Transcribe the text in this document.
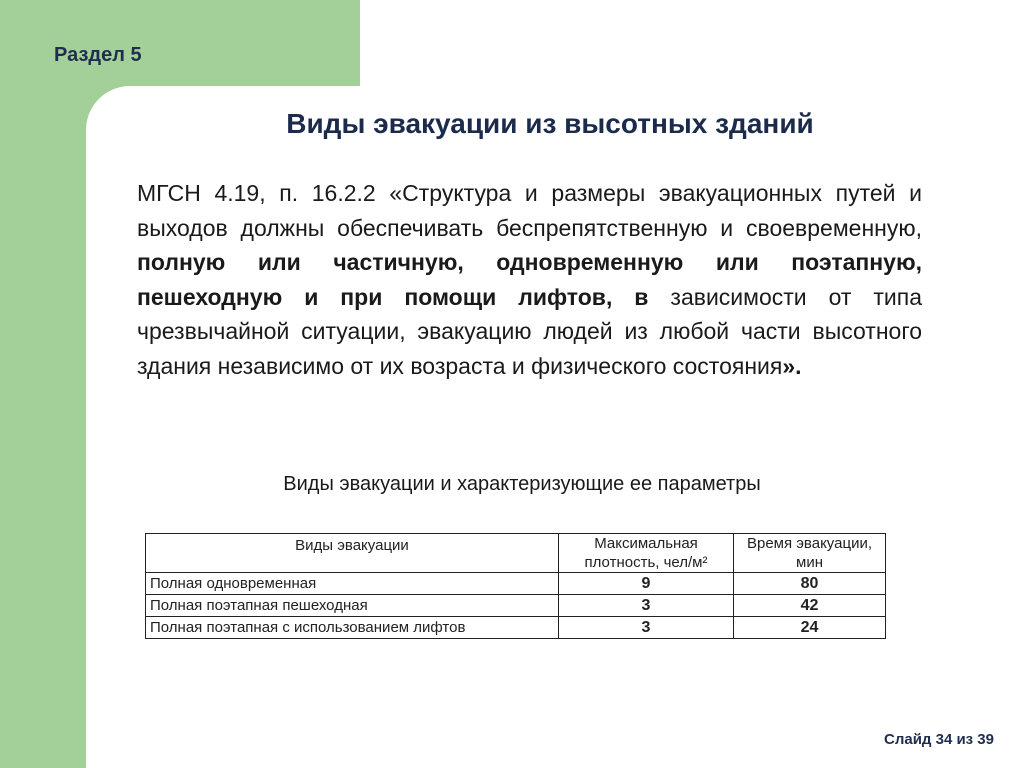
Раздел 5
Виды эвакуации из высотных зданий
МГСН 4.19, п. 16.2.2 «Структура и размеры эвакуационных путей и выходов должны обеспечивать беспрепятственную и своевременную, полную или частичную, одновременную или поэтапную, пешеходную и при помощи лифтов, в зависимости от типа чрезвычайной ситуации, эвакуацию людей из любой части высотного здания независимо от их возраста и физического состояния».
Виды эвакуации и характеризующие ее параметры
Виды эвакуации	Максимальная плотность, чел/м²	Время эвакуации, мин
Полная одновременная	9	80
Полная поэтапная пешеходная	3	42
Полная поэтапная с использованием лифтов	3	24
Слайд 34 из 39
